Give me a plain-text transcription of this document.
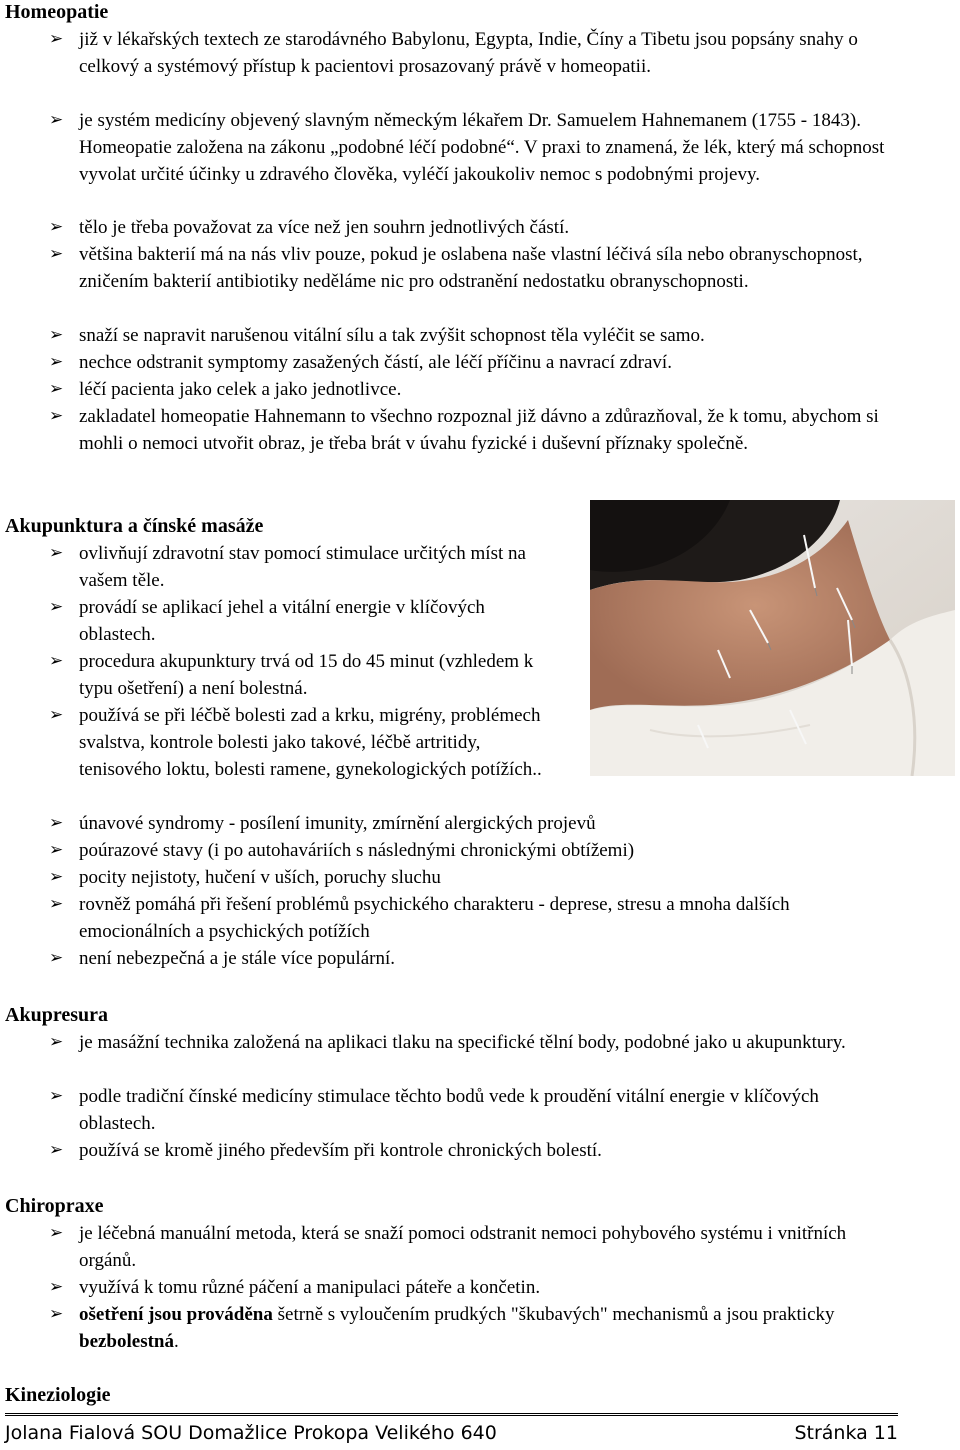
Homeopatie
➢ již v lékařských textech ze starodávného Babylonu, Egypta, Indie, Číny a Tibetu jsou popsány snahy o celkový a systémový přístup k pacientovi prosazovaný právě v homeopatii.
➢ je systém medicíny objevený slavným německým lékařem Dr. Samuelem Hahnemanem (1755 - 1843). Homeopatie založena na zákonu „podobné léčí podobné“. V praxi to znamená, že lék, který má schopnost vyvolat určité účinky u zdravého člověka, vyléčí jakoukoliv nemoc s podobnými projevy.
➢ tělo je třeba považovat za více než jen souhrn jednotlivých částí.
➢ většina bakterií má na nás vliv pouze, pokud je oslabena naše vlastní léčivá síla nebo obranyschopnost, zničením bakterií antibiotiky neděláme nic pro odstranění nedostatku obranyschopnosti.
➢ snaží se napravit narušenou vitální sílu a tak zvýšit schopnost těla vyléčit se samo.
➢ nechce odstranit symptomy zasažených částí, ale léčí příčinu a navrací zdraví.
➢ léčí pacienta jako celek a jako jednotlivce.
➢ zakladatel homeopatie Hahnemann to všechno rozpoznal již dávno a zdůrazňoval, že k tomu, abychom si mohli o nemoci utvořit obraz, je třeba brát v úvahu fyzické i duševní příznaky společně.
Akupunktura a čínské masáže
➢ ovlivňují zdravotní stav pomocí stimulace určitých míst na vašem těle.
➢ provádí se aplikací jehel a vitální energie v klíčových oblastech.
➢ procedura akupunktury trvá od 15 do 45 minut (vzhledem k typu ošetření) a není bolestná.
➢ používá se při léčbě bolesti zad a krku, migrény, problémech svalstva, kontrole bolesti jako takové, léčbě artritidy, tenisového loktu, bolesti ramene, gynekologických potížích..
➢ únavové syndromy - posílení imunity, zmírnění alergických projevů
➢ poúrazové stavy (i po autohaváriích s následnými chronickými obtížemi)
➢ pocity nejistoty, hučení v uších, poruchy sluchu
➢ rovněž pomáhá při řešení problémů psychického charakteru - deprese, stresu a mnoha dalších emocionálních a psychických potížích
➢ není nebezpečná a je stále více populární.
Akupresura
➢ je masážní technika založená na aplikaci tlaku na specifické tělní body, podobné jako u akupunktury.
➢ podle tradiční čínské medicíny stimulace těchto bodů vede k proudění vitální energie v klíčových oblastech.
➢ používá se kromě jiného především při kontrole chronických bolestí.
Chiropraxe
➢ je léčebná manuální metoda, která se snaží pomoci odstranit nemoci pohybového systému i vnitřních orgánů.
➢ využívá k tomu různé páčení a manipulaci páteře a končetin.
➢ ošetření jsou prováděna šetrně s vyloučením prudkých "škubavých" mechanismů a jsou prakticky bezbolestná.
Kineziologie
Jolana Fialová SOU Domažlice Prokopa Velikého 640	Stránka 11
